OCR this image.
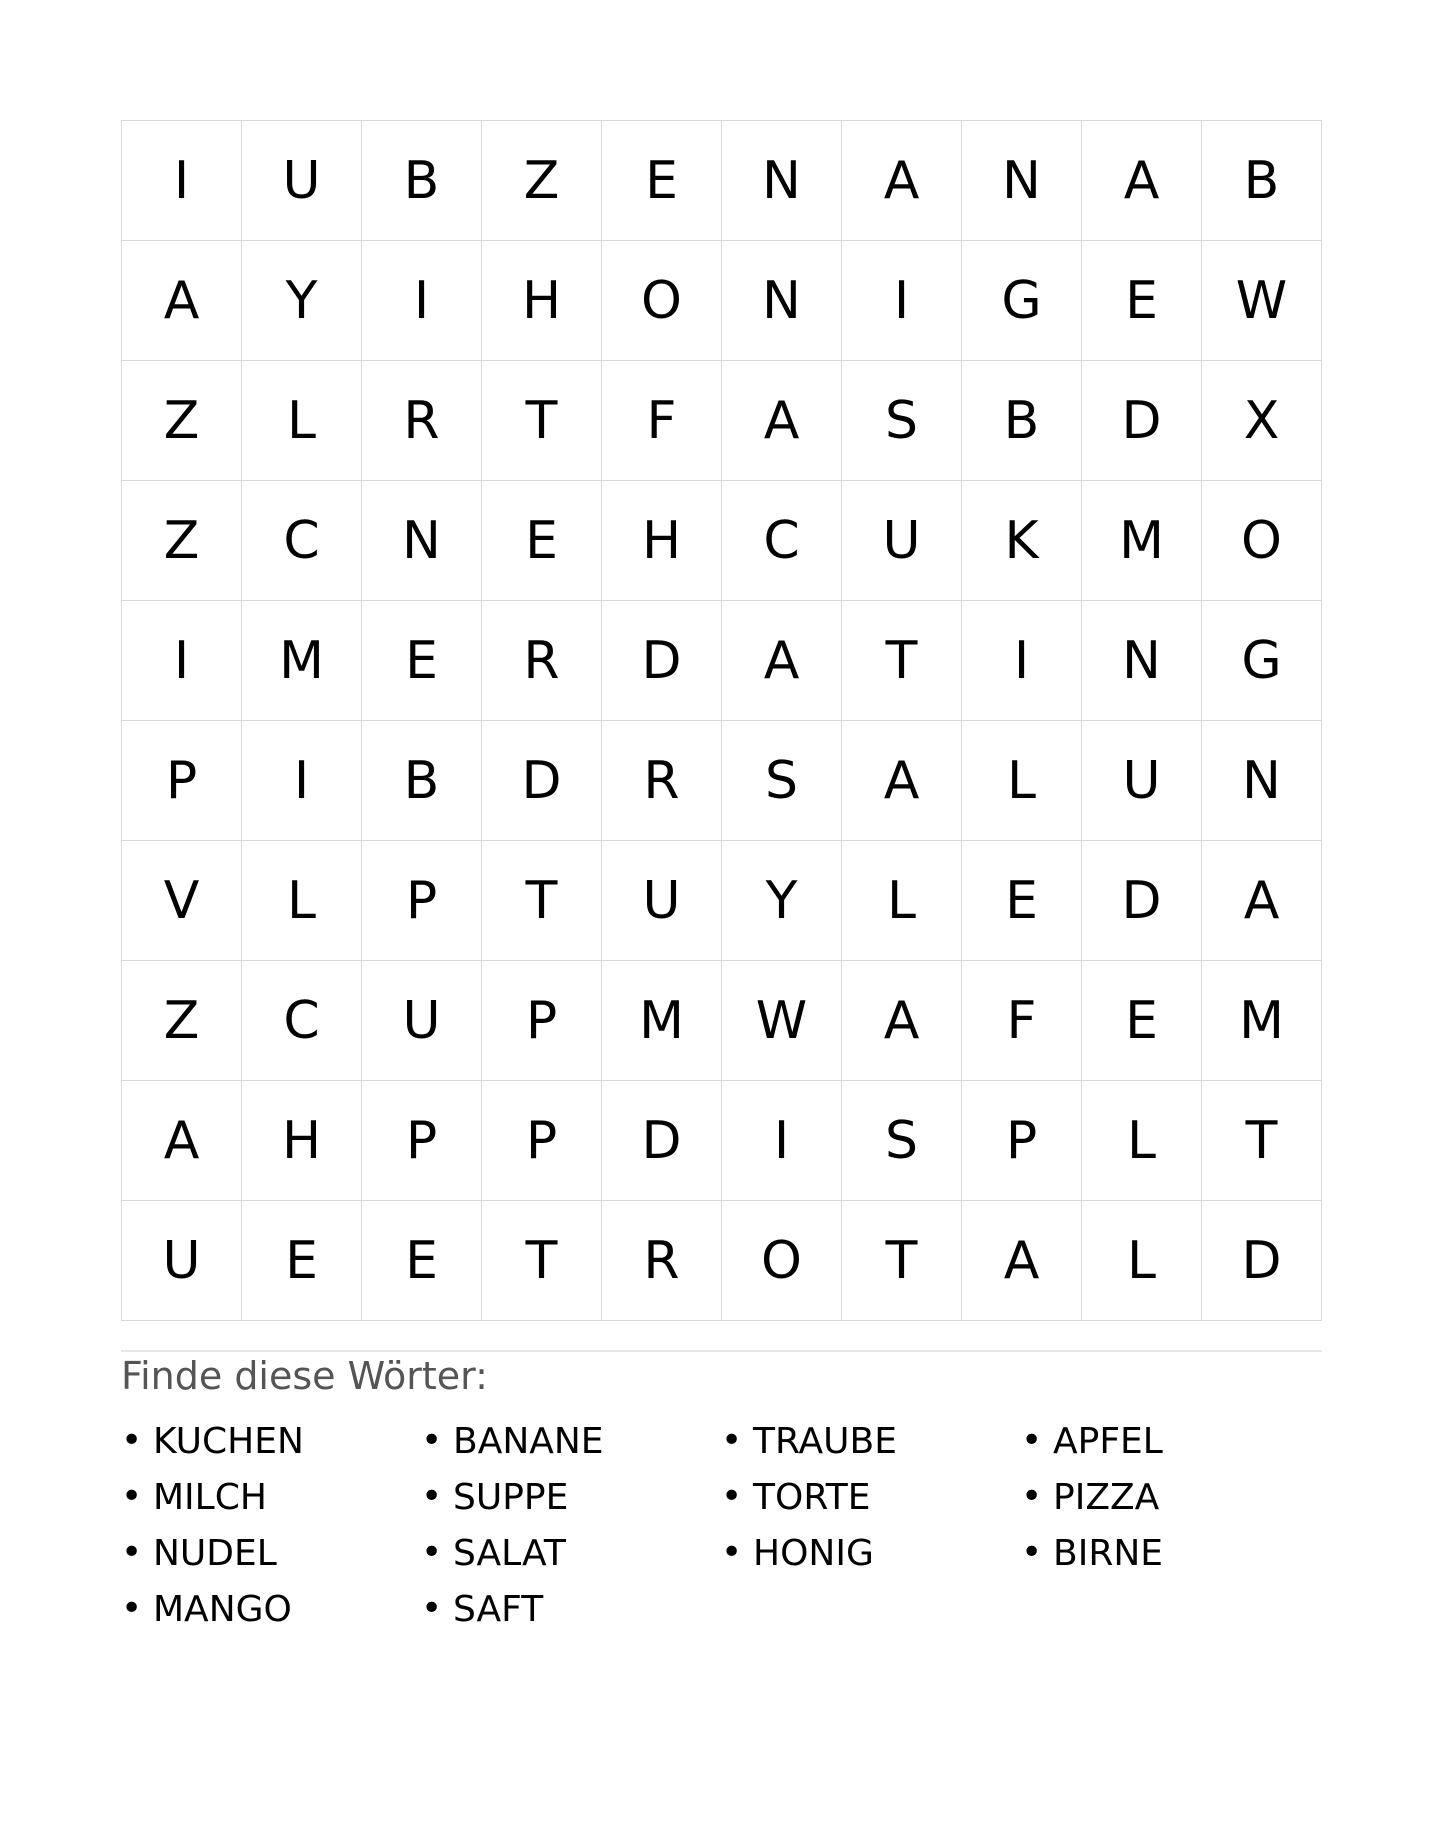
I	U	B	Z	E	N	A	N	A	B
A	Y	I	H	O	N	I	G	E	W
Z	L	R	T	F	A	S	B	D	X
Z	C	N	E	H	C	U	K	M	O
I	M	E	R	D	A	T	I	N	G
P	I	B	D	R	S	A	L	U	N
V	L	P	T	U	Y	L	E	D	A
Z	C	U	P	M	W	A	F	E	M
A	H	P	P	D	I	S	P	L	T
U	E	E	T	R	O	T	A	L	D
Finde diese Wörter:
• KUCHEN	• BANANE	• TRAUBE	• APFEL
• MILCH	• SUPPE	• TORTE	• PIZZA
• NUDEL	• SALAT	• HONIG	• BIRNE
• MANGO	• SAFT
